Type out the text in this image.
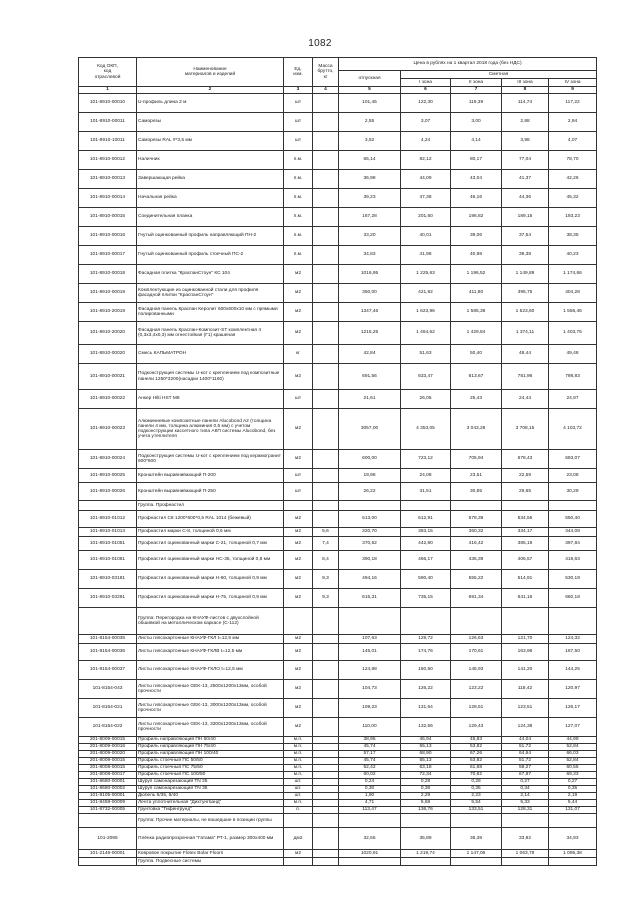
1082
Код ОКП,
код
отраслевой	Наименование
материалов и изделий	Ед.
изм.	Масса
брутто,
кг	Цена в рублях на 1 квартал 2018 года (без НДС)				
				отпускная	Сметная			
					I зона	II зона	III зона	IV зона
1	2	3	4	5	6	7	8	9
101-8910-00010	U-профиль длина 2 м	шт		101,45	122,30	119,39	114,74	117,22
101-8910-00011	Саморезы	шт		2,55	3,07	3,00	2,88	2,94
101-8910-10011	Саморезы RAL #*3,5 мм	шт		3,52	4,24	4,14	3,98	4,07
101-8910-00012	Наличник	п.м.		65,14	82,12	80,17	77,04	78,70
101-8910-00013	Завершающая рейка	п.м.		36,98	44,09	43,04	41,37	42,26
101-8910-00014	Начальная рейка	п.м.		39,23	47,38	46,16	44,36	45,32
101-8910-00015	Соединительная планка	п.м.		167,28	201,60	196,82	189,15	193,23
101-8910-00016	Гнутый оцинкованный профиль направляющий ПН-2	п.м.		33,20	40,01	39,06	37,54	38,35
101-8910-00017	Гнутый оцинкованный профиль стоечный ПС-2	п.м.		34,83	41,98	40,98	39,38	40,23
101-8910-00018	Фасадная плитка "КраспанСтоун" КС 104	м2		1016,95	1 225,63	1 196,52	1 149,89	1 174,66
101-8910-00019	Комплектующие из оцинкованной стали для профиля фасадной плитки "КраспанСтоун"	м2		350,00	421,82	411,80	395,75	404,28
101-8910-20019	Фасадная панель Краспан Керолит 600х600х10 мм с прямыми полированными	м2		1347,46	1 623,96	1 585,38	1 523,60	1 556,46
101-8910-20020	Фасадная панель Краспан-Композит-ST комплектная 4 (0,3х3,4х0,3) мм огнестойкая (Г1) крашеная	м2		1215,25	1 464,62	1 429,84	1 374,11	1 403,75
101-8910-00020	Смесь КАПЬМАТРОН	кг		42,84	51,63	50,40	48,44	49,48
101-8910-00021	Подконструкция системы U-кот с креплением под композитные панели 1250*3200(насадки 1400*1160)	м2		691,56	833,47	813,67	781,96	798,83
101-8910-00022	Анкер Hilti HST M8	шт		21,61	26,05	25,43	24,44	24,97
101-8910-00023	Алюминиевые композитные панели Alucobond A2 (толщина панели 4 мм, толщина алюминия 0,5 мм) с учетом подконструкции кассетного типа АКП системы Alucobond, без учета утеплителя	м2		3057,00	4 353,05	3 043,28	3 708,15	4 103,72
101-8910-00024	Подконструкция системы U-кот с креплением под керамогранит 600*600	м2		600,00	723,12	705,94	678,43	693,07
101-8910-00025	Кронштейн выравнивающий П-200	шт		19,98	24,08	23,51	22,59	23,08
101-8910-00026	Кронштейн выравнивающий П-250	шт		26,22	31,51	30,85	29,65	30,29
	Группа. Профнастил							
101-8910-01012	Профнастил C8 1200*600*0,5 RAL 1014 (бежевый)	м2		513,00	612,91	578,39	534,55	550,40
101-8910-01013	Профнастил марки С-8, толщиной 0,6 мм	м2	5,6	320,70	383,15	360,32	334,17	344,08
101-8910-01051	Профнастил оцинкованный марки С-21, толщиной 0,7 мм	м2	7,4	370,52	442,80	416,42	385,19	397,84
101-8910-01061	Профнастил оцинкованный марки НС-35, толщиной 0,8 мм	м2	8,4	390,18	466,17	435,39	406,57	418,63
101-8910-03181	Профнастил оцинкованный марки Н-60, толщиной 0,9 мм	м2	9,3	494,16	590,40	555,22	514,91	530,19
101-8910-03281	Профнастил оцинкованный марки Н-75, толщиной 0,9 мм	м2	9,3	615,31	735,15	691,34	641,16	660,18
	Группа: Перегородка на КНАУФ-листов с двухслойной обшивкой на металлическом каркасе (С-112)							
101-8154-00035	Листы гипсокартонные КНАУФ-ГКЛ t=12,5 мм	м2		107,63	129,72	126,63	121,70	124,32
101-8154-00036	Листы гипсокартонные КНАУФ-ГКЛВ t=12,5 мм	м2		145,01	174,76	170,61	163,96	167,50
101-8154-00037	Листы гипсокартонные КНАУФ-ГКЛО t=12,5 мм	м2		124,88	150,50	146,93	141,20	144,25
101-8154-043	Листы гипсокартонные GEK-13, 2500х1200х13мм, особой прочности	м2		104,73	126,22	123,22	118,42	120,97
101-8154-021	Листы гипсокартонные GEK-13, 3000х1200х13мм, особой прочности	м2		109,23	131,64	128,51	123,51	126,17
101-8154-022	Листы гипсокартонные GEK-13, 3300х1200х13мм, особой прочности	м2		110,00	132,56	129,43	124,38	127,07
201-8009-00015	Профиль направляющий ПН 50/40	м.п.		38,95	46,94	45,83	44,04	44,99
201-8009-00016	Профиль направляющий ПН 75/40	м.п.		45,74	55,13	53,82	51,72	52,84
201-8009-00020	Профиль направляющий ПН 100/40	м.п.		57,17	68,90	67,26	64,64	66,03
201-8009-00015	Профиль стоечный ПС 50/50	м.п.		45,74	55,13	53,82	51,72	52,84
201-8008-00015	Профиль стоечный ПС 75/50	м.п.		52,42	63,18	61,68	59,27	60,55
201-8008-00017	Профиль стоечный ПС 100/50	м.п.		60,02	72,34	70,62	67,87	69,33
101-8680-00001	Шуруп самонарезающий TN 25	шт.		0,24	0,28	0,28	0,27	0,27
101-8680-00002	Шуруп самонарезающий TN 35	шт.		0,30	0,36	0,35	0,34	0,35
101-8105-00001	Дюбель 6/35, 6/40	шт.		1,90	2,29	2,23	2,14	2,19
101-8458-00009	Лента уплотнительная "Дихтунгбанд"	м.п.		4,71	5,68	5,54	5,33	5,44
101-8732-00005	Грунтовка "Тифенгрунд"	л.		113,47	136,76	133,51	128,31	131,07
	Группа: Прочие материалы, не вошедшие в позиции группы							
101-2095	Плёнка радиопрозрачная "Гатама" РТ-1, размер 300х400 мм	дм2		32,55	35,89	36,38	33,92	34,93
101-2146-00001	Ковровое покрытие Flotex Bolar Floors	м2		1020,91	1 219,74	1 147,06	1 063,78	1 095,38
	Группа. Подвесные системы							
